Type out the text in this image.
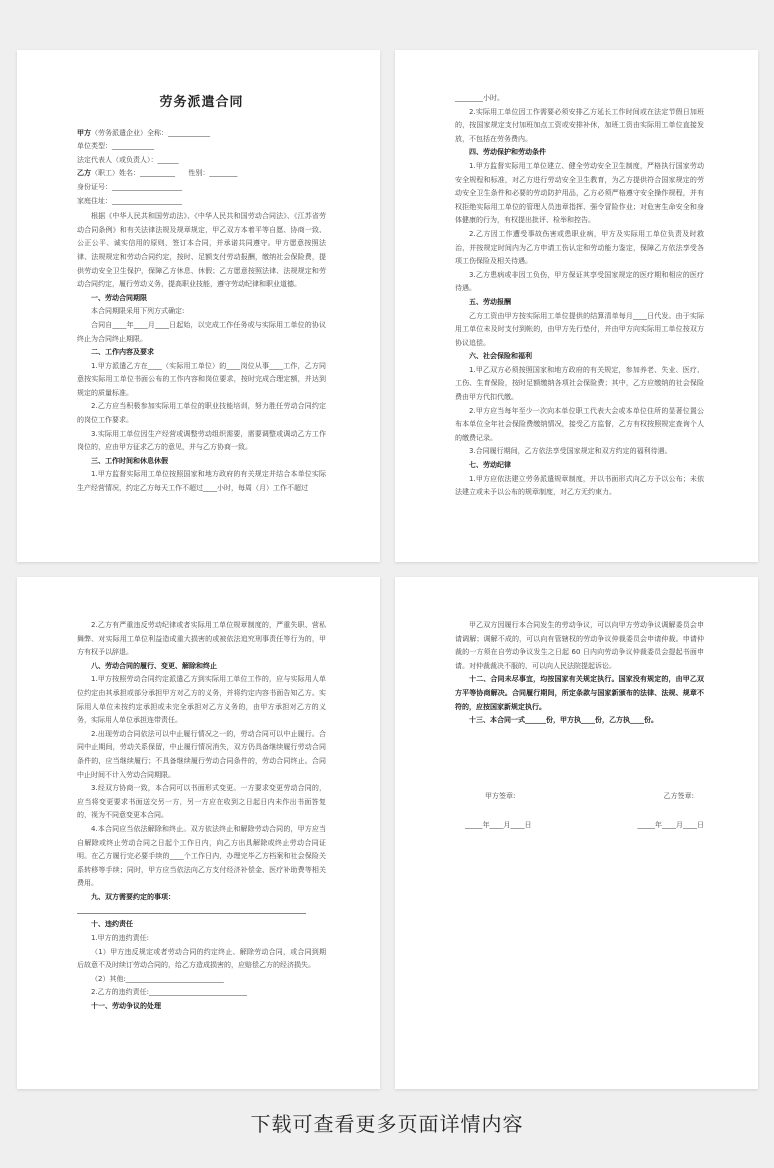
劳务派遣合同
甲方（劳务派遣企业）全称：____________
单位类型：____________
法定代表人（或负责人）：______
乙方（职工）姓名：__________      性别：________
身份证号：____________________
家庭住址：____________________

根据《中华人民共和国劳动法》、《中华人民共和国劳动合同法》、《江苏省劳动合同条例》和有关法律法规及规章规定，甲乙双方本着平等自愿、协商一致、公正公平、诚实信用的原则，签订本合同，并承诺共同遵守。甲方愿意按照法律、法规规定和劳动合同约定，按时、足额支付劳动报酬，缴纳社会保险费，提供劳动安全卫生保护，保障乙方休息、休假；乙方愿意按照法律、法规规定和劳动合同约定，履行劳动义务，提高职业技能，遵守劳动纪律和职业道德。

一、劳动合同期限

本合同期限采用下列方式确定:

合同自____年____月____日起始，以完成工作任务或与实际用工单位的协议终止为合同终止期限。

二、工作内容及要求

1.甲方派遣乙方在____（实际用工单位）的____岗位从事____工作，乙方同意按实际用工单位书面公布的工作内容和岗位要求，按时完成合理定额，并达到规定的质量标准。

2.乙方应当积极参加实际用工单位的职业技能培训，努力胜任劳动合同约定的岗位工作要求。

3.实际用工单位因生产经营或调整劳动组织需要，需要调整或调动乙方工作岗位的，应由甲方征求乙方的意见，并与乙方协商一致。

三、工作时间和休息休假

1.甲方监督实际用工单位按照国家和地方政府的有关规定并结合本单位实际生产经营情况，约定乙方每天工作不超过____小时，每周（月）工作不超过

________小时。

2.实际用工单位因工作需要必须安排乙方延长工作时间或在法定节假日加班的，按国家规定支付加班加点工资或安排补休，加班工资由实际用工单位直接发放，不包括在劳务费内。

四、劳动保护和劳动条件

1.甲方监督实际用工单位建立、健全劳动安全卫生制度，严格执行国家劳动安全规程和标准，对乙方进行劳动安全卫生教育，为乙方提供符合国家规定的劳动安全卫生条件和必要的劳动防护用品，乙方必须严格遵守安全操作规程，并有权拒绝实际用工单位的管理人员违章指挥、强令冒险作业；对危害生命安全和身体健康的行为，有权提出批评、检举和控告。

2.乙方因工作遭受事故伤害或患职业病，甲方及实际用工单位负责及时救治，并按规定时间内为乙方申请工伤认定和劳动能力鉴定，保障乙方依法享受各项工伤保险及相关待遇。

3.乙方患病或非因工负伤，甲方保证其享受国家规定的医疗期和相应的医疗待遇。

五、劳动报酬

乙方工资由甲方按实际用工单位提供的结算清单每月____日代发。由于实际用工单位未及时支付到帐的，由甲方先行垫付，并由甲方向实际用工单位按双方协议追偿。

六、社会保险和福利

1.甲乙双方必须按照国家和地方政府的有关规定，参加养老、失业、医疗、工伤、生育保险，按时足额缴纳各项社会保险费；其中，乙方应缴纳的社会保险费由甲方代扣代缴。

2.甲方应当每年至少一次向本单位职工代表大会或本单位住所的显著位置公布本单位全年社会保险费缴纳情况，接受乙方监督，乙方有权按照规定查询个人的缴费记录。

3.合同履行期间，乙方依法享受国家规定和双方约定的福利待遇。

七、劳动纪律

1.甲方应依法建立劳务派遣规章制度，并以书面形式向乙方予以公布；未依法建立或未予以公布的规章制度，对乙方无约束力。

2.乙方有严重违反劳动纪律或者实际用工单位规章制度的，严重失职、营私舞弊、对实际用工单位利益造成重大损害的或被依法追究刑事责任等行为的，甲方有权予以辞退。

八、劳动合同的履行、变更、解除和终止

1.甲方按照劳动合同约定派遣乙方到实际用工单位工作的，应与实际用人单位约定由其承担或部分承担甲方对乙方的义务，并将约定内容书面告知乙方。实际用人单位未按约定承担或未完全承担对乙方义务的，由甲方承担对乙方的义务，实际用人单位承担连带责任。

2.出现劳动合同依法可以中止履行情况之一的，劳动合同可以中止履行。合同中止期间，劳动关系保留，中止履行情况消失，双方仍具备继续履行劳动合同条件的，应当继续履行；不具备继续履行劳动合同条件的，劳动合同终止。合同中止时间不计入劳动合同期限。

3.经双方协商一致，本合同可以书面形式变更。一方要求变更劳动合同的，应当将变更要求书面送交另一方，另一方应在收到之日起日内未作出书面答复的，视为不同意变更本合同。

4.本合同应当依法解除和终止。双方依法终止和解除劳动合同的，甲方应当自解除或终止劳动合同之日起个工作日内，向乙方出具解除或终止劳动合同证明。在乙方履行完必要手续的____个工作日内，办理完毕乙方档案和社会保险关系转移等手续；同时，甲方应当依法向乙方支付经济补偿金、医疗补助费等相关费用。

九、双方需要约定的事项：

十、违约责任

1.甲方的违约责任:

（1）甲方违反规定或者劳动合同的约定终止、解除劳动合同，或合同到期后故意不及时续订劳动合同的，给乙方造成损害的，应赔偿乙方的经济损失。

（2）其他:____________________________

2.乙方的违约责任:____________________________

十一、劳动争议的处理

甲乙双方因履行本合同发生的劳动争议，可以向甲方劳动争议调解委员会申请调解；调解不成的，可以向有管辖权的劳动争议仲裁委员会申请仲裁。申请仲裁的一方须在自劳动争议发生之日起 60 日内向劳动争议仲裁委员会提起书面申请。对仲裁裁决不服的，可以向人民法院提起诉讼。

十二、合同未尽事宜，均按国家有关规定执行。国家没有规定的，由甲乙双方平等协商解决。合同履行期间，所定条款与国家新颁布的法律、法规、规章不符的，应按国家新规定执行。

十三、本合同一式______份，甲方执____份，乙方执____份。

甲方签章:	乙方签章:
_____年____月____日	_____年____月____日
下载可查看更多页面详情内容
